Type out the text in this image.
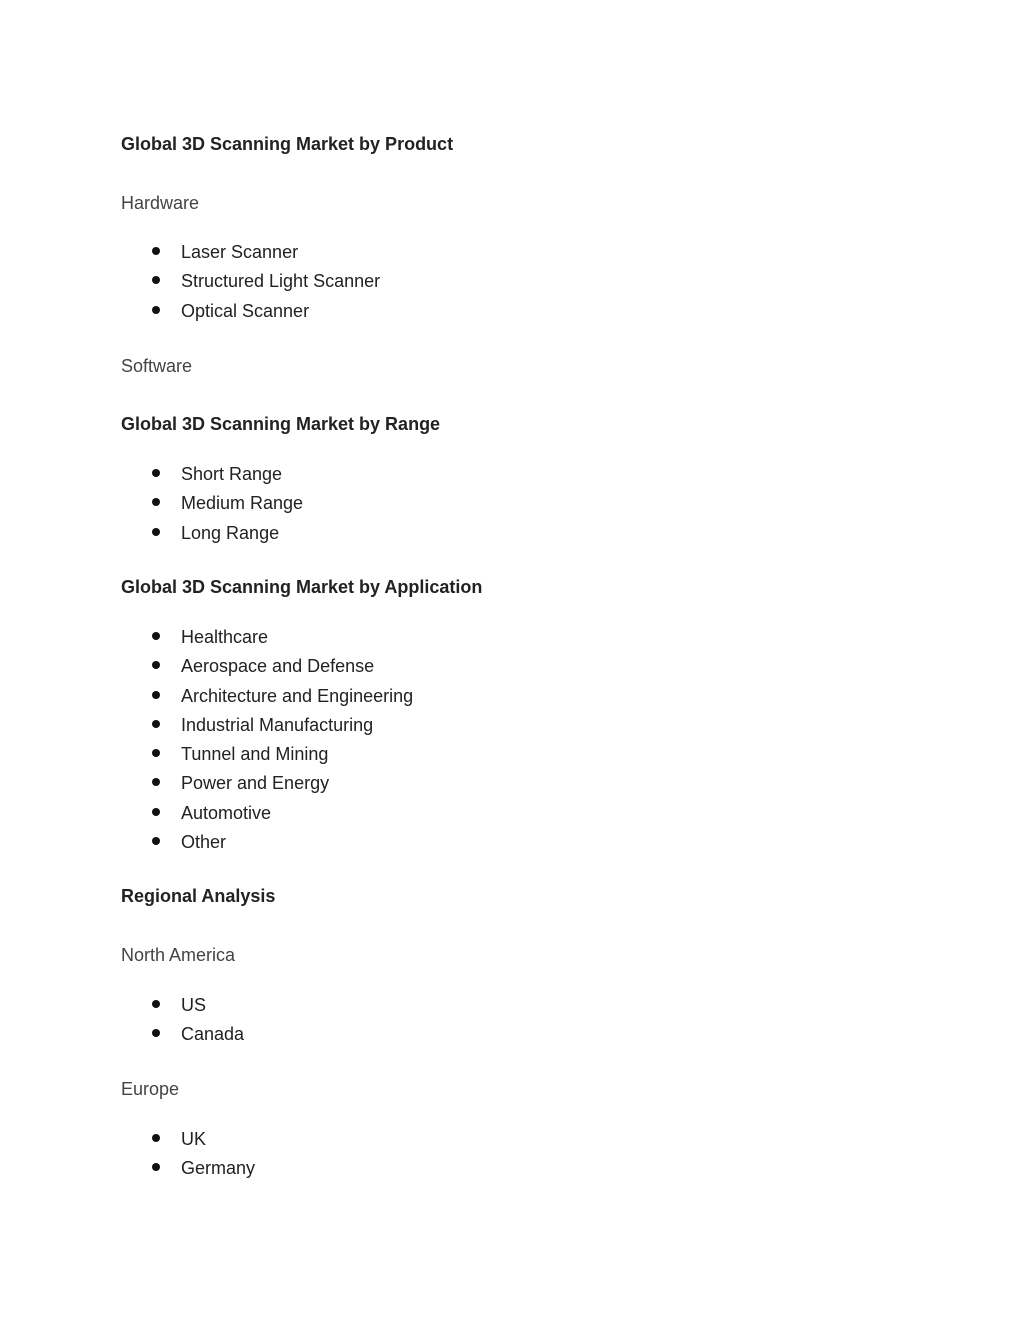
Global 3D Scanning Market by Product

Hardware

Laser Scanner
Structured Light Scanner
Optical Scanner

Software

Global 3D Scanning Market by Range
Short Range
Medium Range
Long Range
Global 3D Scanning Market by Application
Healthcare
Aerospace and Defense
Architecture and Engineering
Industrial Manufacturing
Tunnel and Mining
Power and Energy
Automotive
Other
Regional Analysis

North America

US
Canada

Europe

UK
Germany
